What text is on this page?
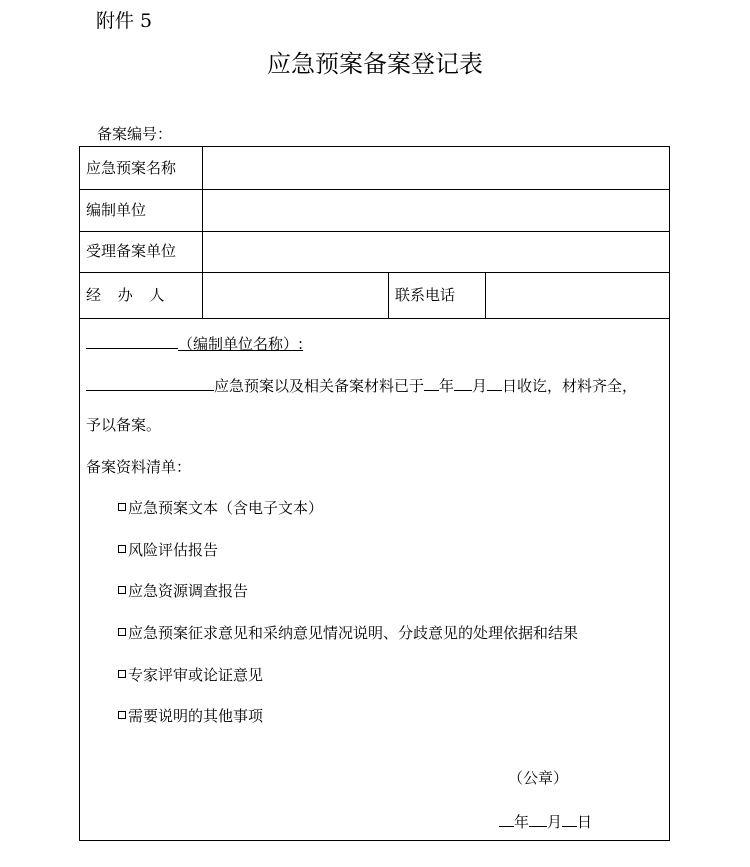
附件 5
应急预案备案登记表
备案编号：
应急预案名称
编制单位
受理备案单位
经 办 人	联系电话
（编制单位名称）:
应急预案以及相关备案材料已于 年 月 日收讫，材料齐全，
予以备案。
备案资料清单：
应急预案文本（含电子文本）
风险评估报告
应急资源调查报告
应急预案征求意见和采纳意见情况说明、分歧意见的处理依据和结果
专家评审或论证意见
需要说明的其他事项
（公章）
年 月 日
